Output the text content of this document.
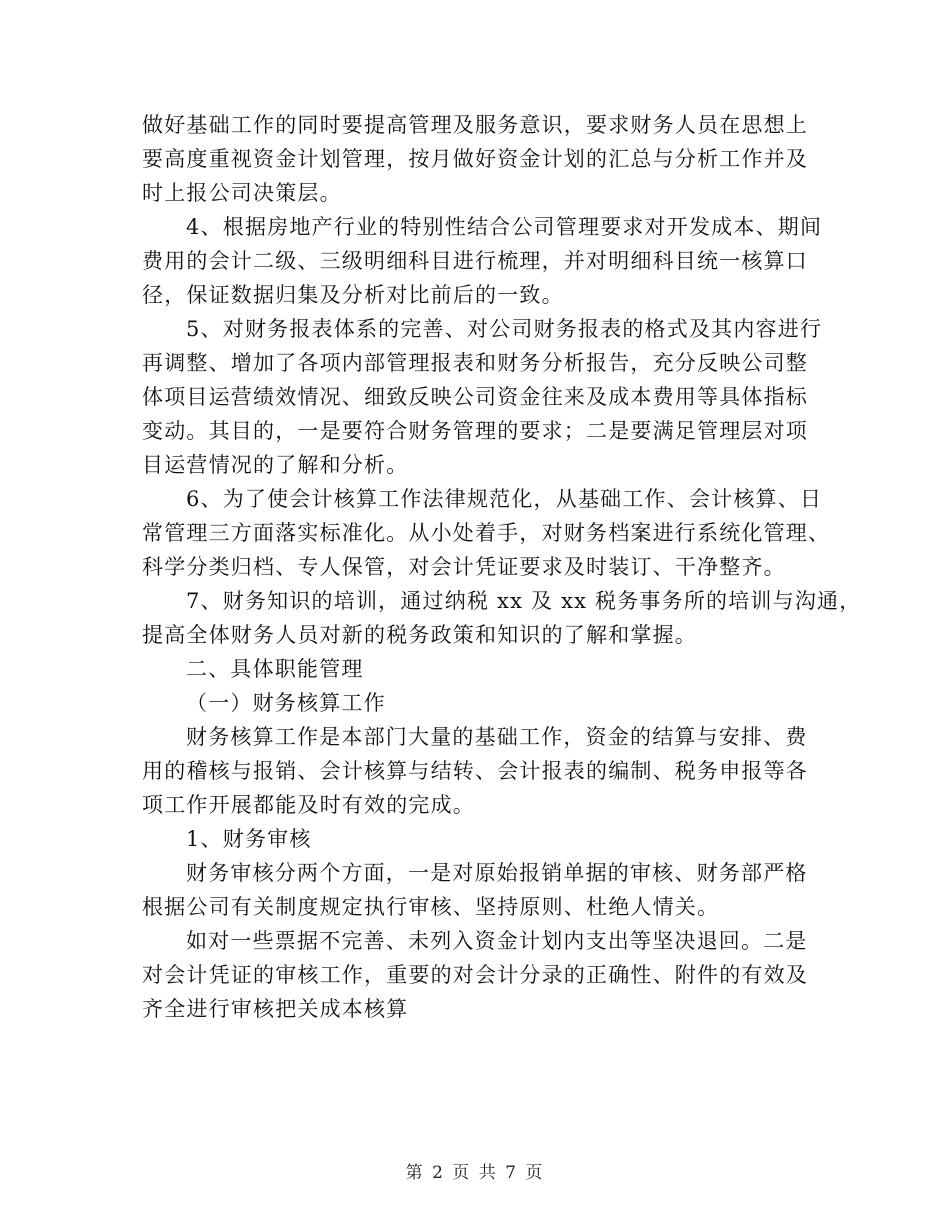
做好基础工作的同时要提高管理及服务意识，要求财务人员在思想上

要高度重视资金计划管理，按月做好资金计划的汇总与分析工作并及

时上报公司决策层。

4、根据房地产行业的特别性结合公司管理要求对开发成本、期间

费用的会计二级、三级明细科目进行梳理，并对明细科目统一核算口

径，保证数据归集及分析对比前后的一致。

5、对财务报表体系的完善、对公司财务报表的格式及其内容进行

再调整、增加了各项内部管理报表和财务分析报告，充分反映公司整

体项目运营绩效情况、细致反映公司资金往来及成本费用等具体指标

变动。其目的，一是要符合财务管理的要求；二是要满足管理层对项

目运营情况的了解和分析。

6、为了使会计核算工作法律规范化，从基础工作、会计核算、日

常管理三方面落实标准化。从小处着手，对财务档案进行系统化管理、

科学分类归档、专人保管，对会计凭证要求及时装订、干净整齐。

7、财务知识的培训，通过纳税 xx 及 xx 税务事务所的培训与沟通，

提高全体财务人员对新的税务政策和知识的了解和掌握。

二、具体职能管理

（一）财务核算工作

财务核算工作是本部门大量的基础工作，资金的结算与安排、费

用的稽核与报销、会计核算与结转、会计报表的编制、税务申报等各

项工作开展都能及时有效的完成。

1、财务审核

财务审核分两个方面，一是对原始报销单据的审核、财务部严格

根据公司有关制度规定执行审核、坚持原则、杜绝人情关。

如对一些票据不完善、未列入资金计划内支出等坚决退回。二是

对会计凭证的审核工作，重要的对会计分录的正确性、附件的有效及

齐全进行审核把关成本核算

第 2 页 共 7 页
